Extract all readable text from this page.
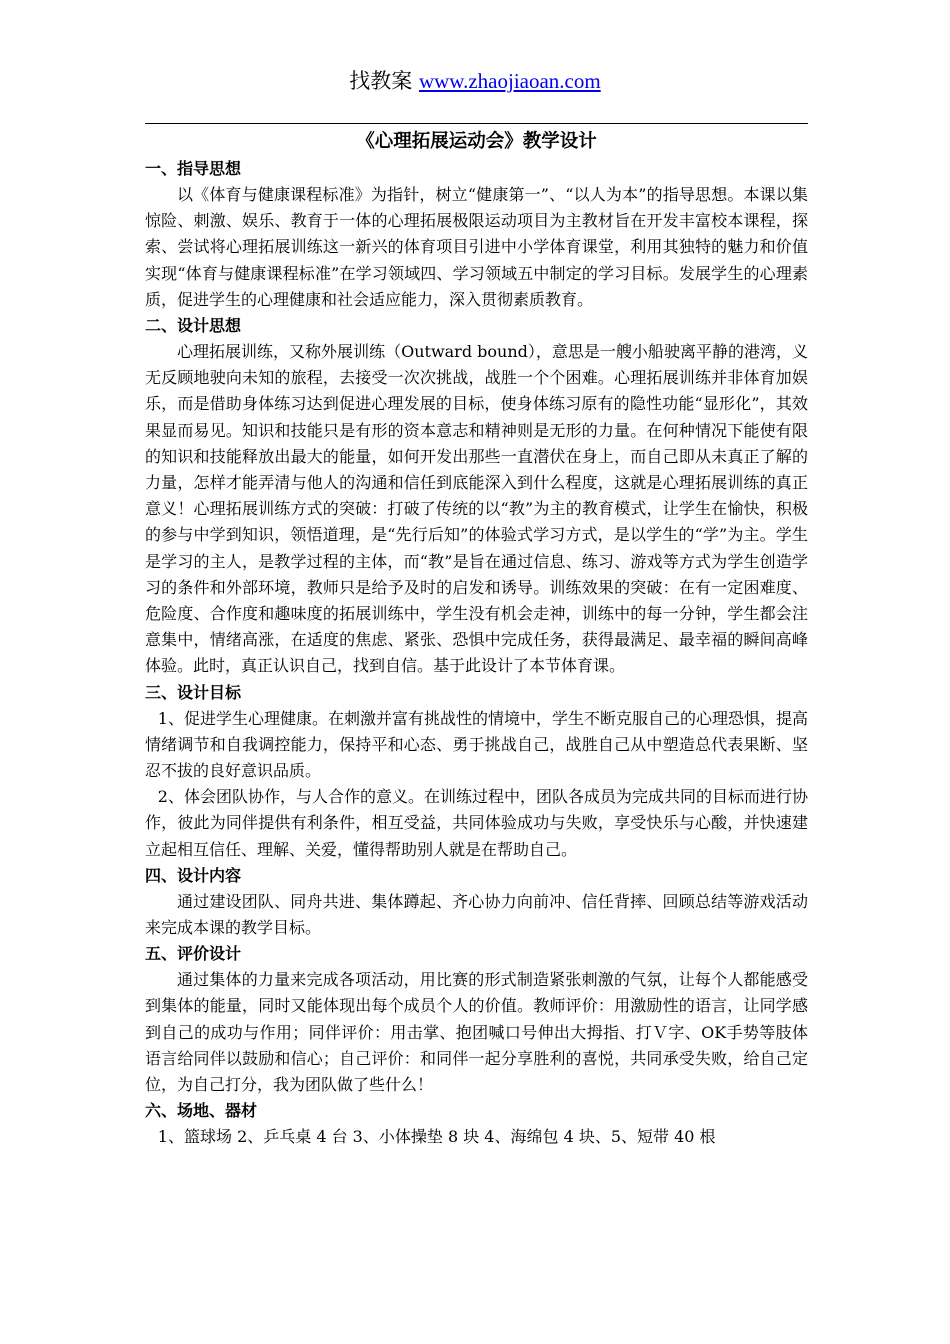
找教案 www.zhaojiaoan.com
《心理拓展运动会》教学设计
一、指导思想

以《体育与健康课程标准》为指针，树立“健康第一”、“以人为本”的指导思想。本课以集惊险、刺激、娱乐、教育于一体的心理拓展极限运动项目为主教材旨在开发丰富校本课程，探索、尝试将心理拓展训练这一新兴的体育项目引进中小学体育课堂，利用其独特的魅力和价值实现“体育与健康课程标准”在学习领域四、学习领域五中制定的学习目标。发展学生的心理素质，促进学生的心理健康和社会适应能力，深入贯彻素质教育。

二、设计思想

心理拓展训练，又称外展训练（Outward bound），意思是一艘小船驶离平静的港湾，义无反顾地驶向未知的旅程，去接受一次次挑战，战胜一个个困难。心理拓展训练并非体育加娱乐，而是借助身体练习达到促进心理发展的目标，使身体练习原有的隐性功能“显形化”，其效果显而易见。知识和技能只是有形的资本意志和精神则是无形的力量。在何种情况下能使有限的知识和技能释放出最大的能量，如何开发出那些一直潜伏在身上，而自己即从未真正了解的力量，怎样才能弄清与他人的沟通和信任到底能深入到什么程度，这就是心理拓展训练的真正意义！心理拓展训练方式的突破：打破了传统的以“教”为主的教育模式，让学生在愉快，积极的参与中学到知识，领悟道理，是“先行后知”的体验式学习方式，是以学生的“学”为主。学生是学习的主人，是教学过程的主体，而“教”是旨在通过信息、练习、游戏等方式为学生创造学习的条件和外部环境，教师只是给予及时的启发和诱导。训练效果的突破：在有一定困难度、危险度、合作度和趣味度的拓展训练中，学生没有机会走神，训练中的每一分钟，学生都会注意集中，情绪高涨，在适度的焦虑、紧张、恐惧中完成任务，获得最满足、最幸福的瞬间高峰体验。此时，真正认识自己，找到自信。基于此设计了本节体育课。

三、设计目标

1、促进学生心理健康。在刺激并富有挑战性的情境中，学生不断克服自己的心理恐惧，提高情绪调节和自我调控能力，保持平和心态、勇于挑战自己，战胜自己从中塑造总代表果断、坚忍不拔的良好意识品质。

2、体会团队协作，与人合作的意义。在训练过程中，团队各成员为完成共同的目标而进行协作，彼此为同伴提供有利条件，相互受益，共同体验成功与失败，享受快乐与心酸，并快速建立起相互信任、理解、关爱，懂得帮助别人就是在帮助自己。

四、设计内容

通过建设团队、同舟共进、集体蹲起、齐心协力向前冲、信任背摔、回顾总结等游戏活动来完成本课的教学目标。

五、评价设计

通过集体的力量来完成各项活动，用比赛的形式制造紧张刺激的气氛，让每个人都能感受到集体的能量，同时又能体现出每个成员个人的价值。教师评价：用激励性的语言，让同学感到自己的成功与作用；同伴评价：用击掌、抱团喊口号伸出大拇指、打Ｖ字、OK手势等肢体语言给同伴以鼓励和信心；自己评价：和同伴一起分享胜利的喜悦，共同承受失败，给自己定位，为自己打分，我为团队做了些什么！

六、场地、器材

1、篮球场 2、乒乓桌 4 台 3、小体操垫 8 块 4、海绵包 4 块、5、短带 40 根
